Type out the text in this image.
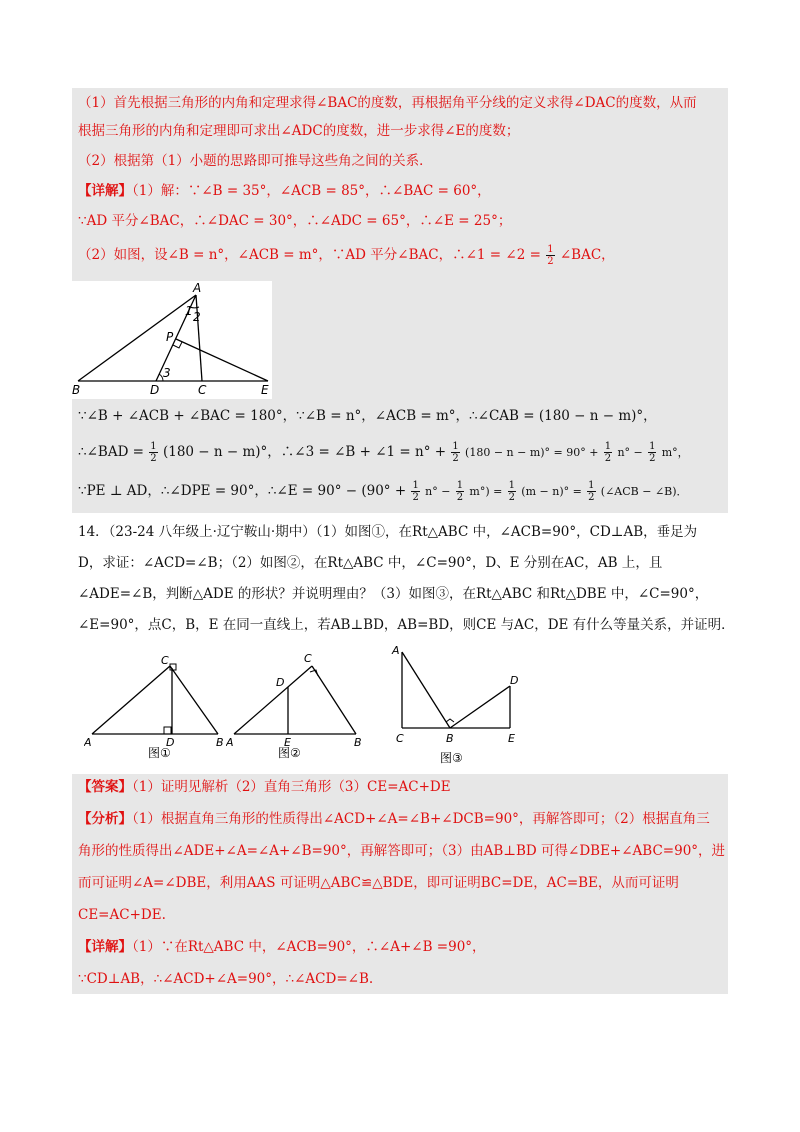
（1）首先根据三角形的内角和定理求得∠BAC的度数，再根据角平分线的定义求得∠DAC的度数，从而
根据三角形的内角和定理即可求出∠ADC的度数，进一步求得∠E的度数；
（2）根据第（1）小题的思路即可推导这些角之间的关系．
【详解】（1）解：∵∠B = 35°，∠ACB = 85°，∴∠BAC = 60°，
∵AD 平分∠BAC，∴∠DAC = 30°，∴∠ADC = 65°，∴∠E = 25°；
（2）如图，设∠B = n°，∠ACB = m°，∵AD 平分∠BAC，∴∠1 = ∠2 = $\frac{1}{2}$ ∠BAC，
A
1 2
P
3
B	D	C	E
∵∠B + ∠ACB + ∠BAC = 180°，∵∠B = n°，∠ACB = m°，∴∠CAB = (180 − n − m)°，
∴∠BAD = $\frac{1}{2} (180 - n - m)^\circ$，∴∠3 = ∠B + ∠1 = $n^\circ + \frac{1}{2} (180 - n - m)^\circ = 90^\circ + \frac{1}{2} n^\circ - \frac{1}{2} m^\circ$，
∵PE ⊥ AD，∴∠DPE = 90°，∴∠E = $90^\circ - (90^\circ + \frac{1}{2} n^\circ - \frac{1}{2} m^\circ) = \frac{1}{2} (m - n)^\circ = \frac{1}{2}$ (∠ACB − ∠B)．
14．（23-24 八年级上·辽宁鞍山·期中）（1）如图①，在Rt△ABC 中，∠ACB=90°，CD⊥AB，垂足为
D，求证：∠ACD=∠B；（2）如图②，在Rt△ABC 中，∠C=90°，D、E 分别在AC，AB 上，且
∠ADE=∠B，判断△ADE 的形状？并说明理由？（3）如图③，在Rt△ABC 和Rt△DBE 中，∠C=90°，
∠E=90°，点C，B，E 在同一直线上，若AB⊥BD，AB=BD，则CE 与AC，DE 有什么等量关系，并证明．
C
A	D	B
图①
D
C
A	E	B
图②
A
D
C	B	E
图③
【答案】（1）证明见解析（2）直角三角形（3）CE=AC+DE
【分析】（1）根据直角三角形的性质得出∠ACD+∠A=∠B+∠DCB=90°，再解答即可；（2）根据直角三
角形的性质得出∠ADE+∠A=∠A+∠B=90°，再解答即可；（3）由AB⊥BD 可得∠DBE+∠ABC=90°，进
而可证明∠A=∠DBE，利用AAS 可证明△ABC≌△BDE，即可证明BC=DE，AC=BE，从而可证明
CE=AC+DE.
【详解】（1）∵在Rt△ABC 中，∠ACB=90°，∴∠A+∠B =90°，
∵CD⊥AB，∴∠ACD+∠A=90°，∴∠ACD=∠B.
